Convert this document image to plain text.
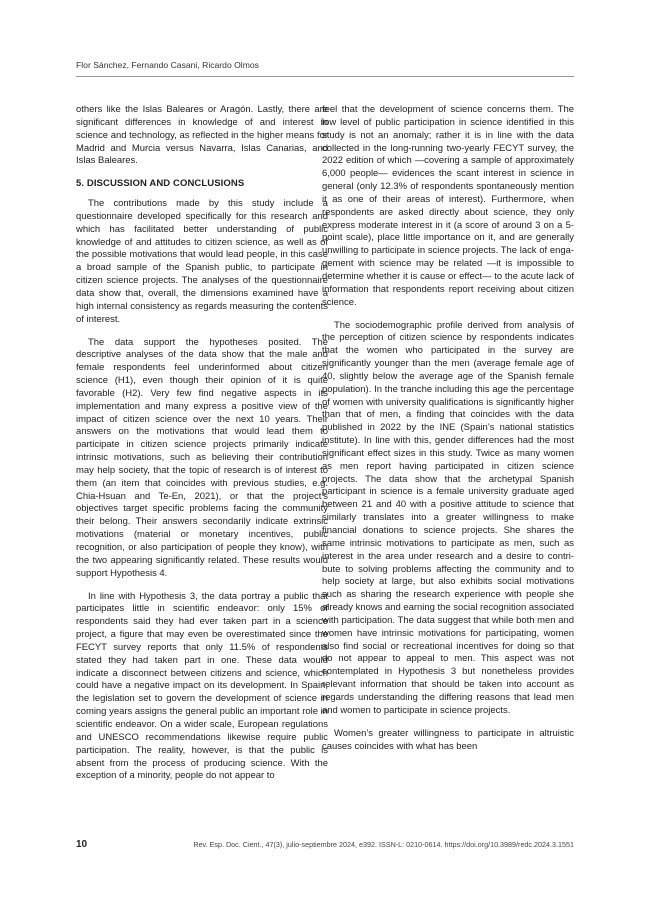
Flor Sánchez, Fernando Casani, Ricardo Olmos

others like the Islas Baleares or Aragón. Lastly, there are significant differences in knowledge of and interest in science and technology, as reflected in the higher means for Madrid and Murcia versus Navarra, Islas Canarias, and Islas Baleares.

5. DISCUSSION AND CONCLUSIONS

The contributions made by this study include a questionnaire developed specifically for this research and which has facilitated better understanding of public knowledge of and attitudes to citizen science, as well as of the possible motivations that would lead people, in this case a broad sample of the Spanish public, to participate in citizen science projects. The analyses of the questionnaire data show that, overall, the dimensions examined have a high internal consistency as regards measuring the contents of interest.

The data support the hypotheses posited. The descriptive analyses of the data show that the male and female respondents feel underinformed about citizen science (H1), even though their opinion of it is quite favorable (H2). Very few find negative aspects in its implementation and many express a positive view of the impact of citizen science over the next 10 years. Their answers on the motivations that would lead them to participate in citizen science projects primarily indicate intrinsic motivations, such as believing their contribution may help society, that the topic of research is of interest to them (an item that coincides with previous studies, e.g. Chia-Hsuan and Te-En, 2021), or that the project’s objectives target specific problems facing the community their belong. Their answers secondarily indicate extrinsic motivations (material or monetary incentives, public recognition, or also participation of people they know), with the two appearing significantly related. These results would support Hypothesis 4.

In line with Hypothesis 3, the data portray a public that participates little in scientific endeavor: only 15% of respondents said they had ever taken part in a science project, a figure that may even be overestimated since the FECYT survey reports that only 11.5% of respondents stated they had taken part in one. These data would indicate a disconnect between citizens and science, which could have a negative impact on its development. In Spain, the legislation set to govern the development of science in coming years assigns the general public an important role in scientific endeavor. On a wider scale, European regulations and UNESCO recommendations likewise require public participation. The reality, however, is that the public is absent from the process of producing science. With the exception of a minority, people do not appear to

feel that the development of science concerns them. The low level of public participation in science identified in this study is not an anomaly; rather it is in line with the data collected in the long-running two-yearly FECYT survey, the 2022 edition of which —covering a sample of approximately 6,000 people— evidences the scant interest in science in general (only 12.3% of respondents spontaneously mention it as one of their areas of interest). Furthermore, when respondents are asked directly about science, they only express moderate interest in it (a score of around 3 on a 5-point scale), place little importance on it, and are generally unwilling to participate in science projects. The lack of engagement with science may be related —it is impossible to determine whether it is cause or effect— to the acute lack of information that respondents report receiving about citizen science.

The sociodemographic profile derived from analysis of the perception of citizen science by respondents indicates that the women who participated in the survey are significantly younger than the men (average female age of 40, slightly below the average age of the Spanish female population). In the tranche including this age the percentage of women with university qualifications is significantly higher than that of men, a finding that coincides with the data published in 2022 by the INE (Spain’s national statistics institute). In line with this, gender differences had the most significant effect sizes in this study. Twice as many women as men report having participated in citizen science projects. The data show that the archetypal Spanish participant in science is a female university graduate aged between 21 and 40 with a positive attitude to science that similarly translates into a greater willingness to make financial donations to science projects. She shares the same intrinsic motivations to participate as men, such as interest in the area under research and a desire to contribute to solving problems affecting the community and to help society at large, but also exhibits social motivations such as sharing the research experience with people she already knows and earning the social recognition associated with participation. The data suggest that while both men and women have intrinsic motivations for participating, women also find social or recreational incentives for doing so that do not appear to appeal to men. This aspect was not contemplated in Hypothesis 3 but nonetheless provides relevant information that should be taken into account as regards understanding the differing reasons that lead men and women to participate in science projects.

Women’s greater willingness to participate in altruistic causes coincides with what has been

10	Rev. Esp. Doc. Cient., 47(3), julio-septiembre 2024, e392. ISSN-L: 0210-0614. https://doi.org/10.3989/redc.2024.3.1551
